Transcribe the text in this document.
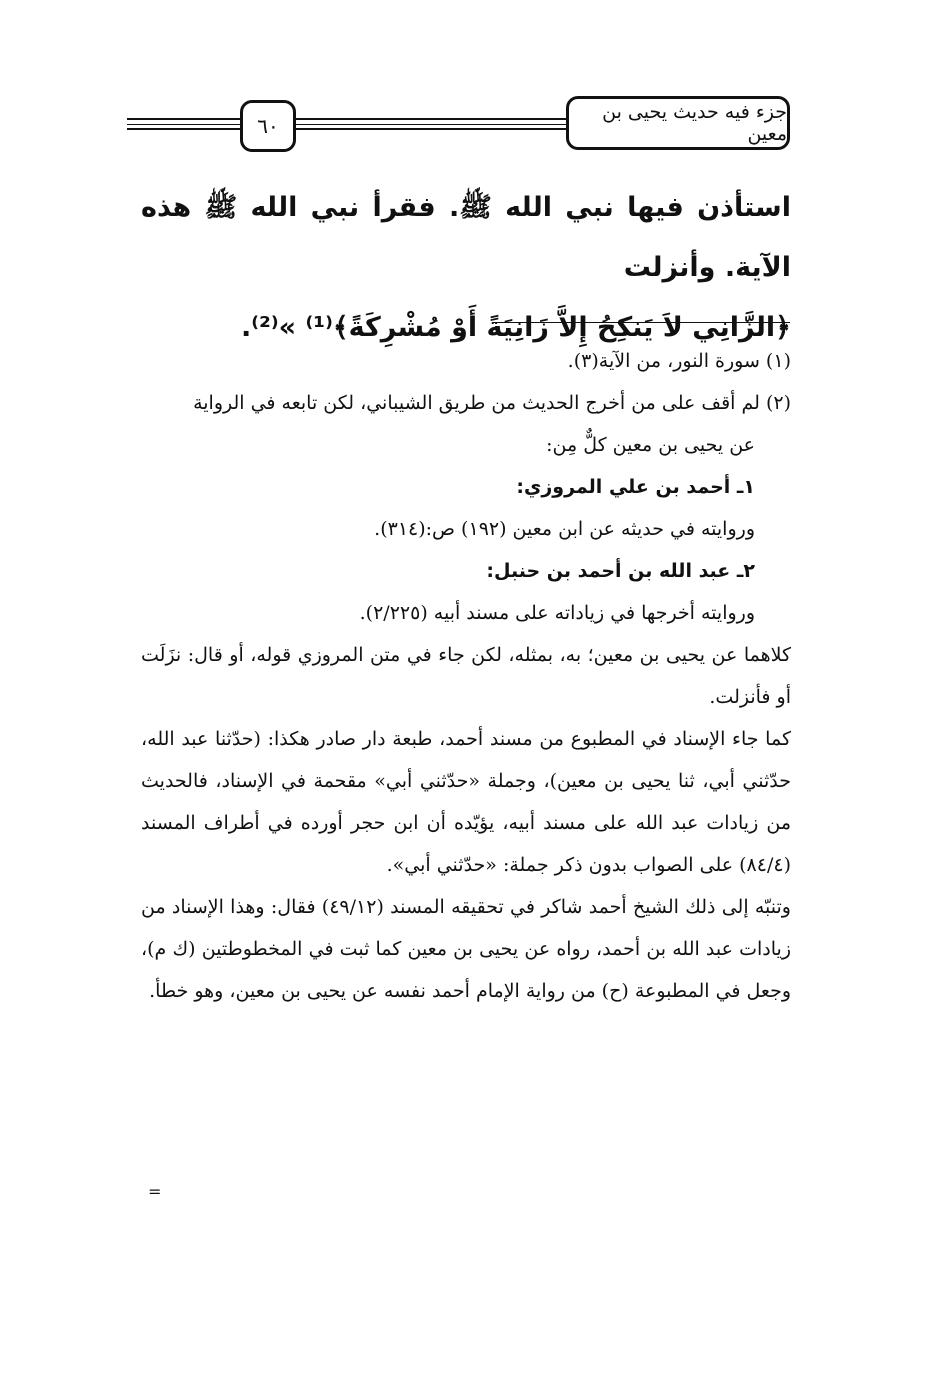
٦٠
جزء فيه حديث يحيى بن معين

استأذن فيها نبي الله ﷺ. فقرأ نبي الله ﷺ هذه الآية. وأنزلت

﴿الزَّانِي لاَ يَنكِحُ إِلاَّ زَانِيَةً أَوْ مُشْرِكَةً﴾⁽¹⁾ »⁽²⁾.

(١) سورة النور، من الآية(٣).

(٢) لم أقف على من أخرج الحديث من طريق الشيباني، لكن تابعه في الرواية

عن يحيى بن معين كلٌّ مِن:

١ـ أحمد بن علي المروزي:

وروايته في حديثه عن ابن معين (١٩٢) ص:(٣١٤).

٢ـ عبد الله بن أحمد بن حنبل:

وروايته أخرجها في زياداته على مسند أبيه (٢/٢٢٥).

كلاهما عن يحيى بن معين؛ به، بمثله، لكن جاء في متن المروزي قوله، أو قال: نزَلَت أو فأنزلت.

كما جاء الإسناد في المطبوع من مسند أحمد، طبعة دار صادر هكذا: (حدّثنا عبد الله، حدّثني أبي، ثنا يحيى بن معين)، وجملة «حدّثني أبي» مقحمة في الإسناد، فالحديث من زيادات عبد الله على مسند أبيه، يؤيّده أن ابن حجر أورده في أطراف المسند (٨٤/٤) على الصواب بدون ذكر جملة: «حدّثني أبي».

وتنبّه إلى ذلك الشيخ أحمد شاكر في تحقيقه المسند (٤٩/١٢) فقال: وهذا الإسناد من زيادات عبد الله بن أحمد، رواه عن يحيى بن معين كما ثبت في المخطوطتين (ك م)، وجعل في المطبوعة (ح) من رواية الإمام أحمد نفسه عن يحيى بن معين، وهو خطأ.

=
